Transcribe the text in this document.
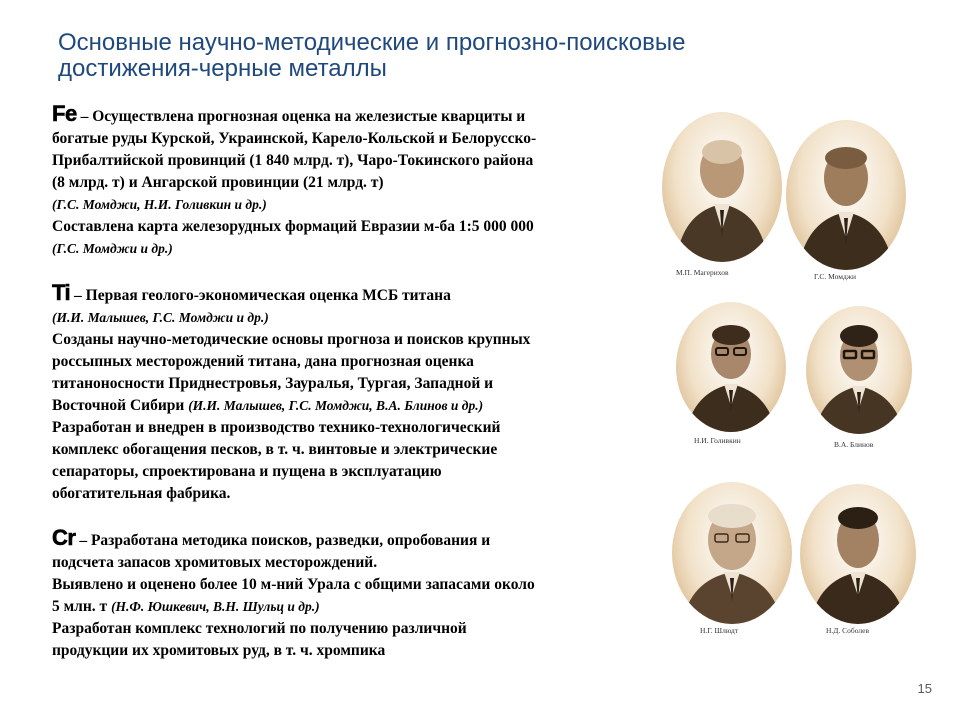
Основные научно-методические и прогнозно-поисковые
достижения-черные металлы

Fe – Осуществлена прогнозная оценка на железистые кварциты и
богатые руды Курской, Украинской, Карело-Кольской и Белорусско-
Прибалтийской провинций (1 840 млрд. т), Чаро-Токинского района
(8 млрд. т) и Ангарской провинции (21 млрд. т)
(Г.С. Момджи, Н.И. Голивкин и др.)
Составлена карта железорудных формаций Евразии м-ба 1:5 000 000
(Г.С. Момджи и др.)

Ti – Первая геолого-экономическая оценка МСБ титана
(И.И. Малышев, Г.С. Момджи и др.)
Созданы научно-методические основы прогноза и поисков крупных
россыпных месторождений титана, дана прогнозная оценка
титаноносности Приднестровья, Зауралья, Тургая, Западной и
Восточной Сибири (И.И. Малышев, Г.С. Момджи, В.А. Блинов и др.)
Разработан и внедрен в производство технико-технологический
комплекс обогащения песков, в т. ч. винтовые и электрические
сепараторы, спроектирована и пущена в эксплуатацию
обогатительная фабрика.

Cr – Разработана методика поисков, разведки, опробования и
подсчета запасов хромитовых месторождений.
Выявлено и оценено более 10 м-ний Урала с общими запасами около
5 млн. т (Н.Ф. Юшкевич, В.Н. Шульц и др.)
Разработан комплекс технологий по получению различной
продукции их хромитовых руд, в т. ч. хромпика

М.П. Магерихов	Г.С. Момджи
Н.И. Голивкин	В.А. Блинов
Н.Г. Шлюдт	Н.Д. Соболев
15
